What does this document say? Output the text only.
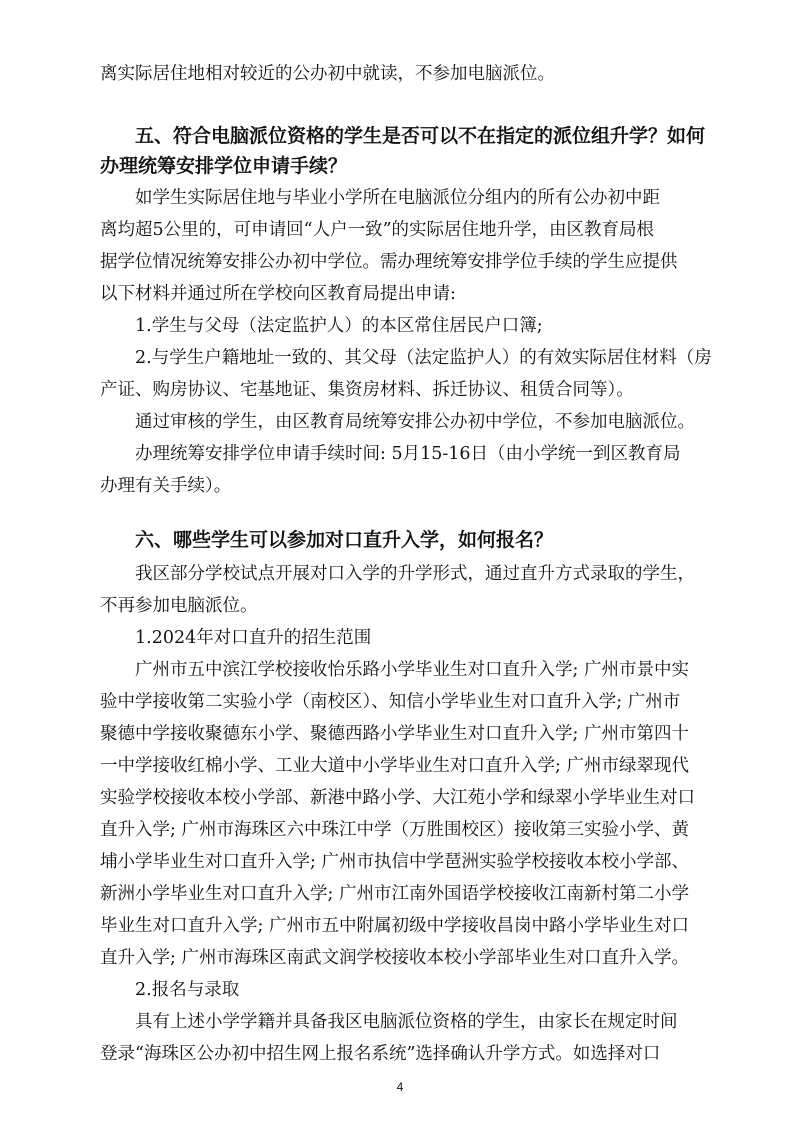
离实际居住地相对较近的公办初中就读，不参加电脑派位。
五、符合电脑派位资格的学生是否可以不在指定的派位组升学？如何
办理统筹安排学位申请手续？
如学生实际居住地与毕业小学所在电脑派位分组内的所有公办初中距
离均超5公里的，可申请回“人户一致”的实际居住地升学，由区教育局根
据学位情况统筹安排公办初中学位。需办理统筹安排学位手续的学生应提供
以下材料并通过所在学校向区教育局提出申请:
1.学生与父母（法定监护人）的本区常住居民户口簿;
2.与学生户籍地址一致的、其父母（法定监护人）的有效实际居住材料（房
产证、购房协议、宅基地证、集资房材料、拆迁协议、租赁合同等）。
通过审核的学生，由区教育局统筹安排公办初中学位，不参加电脑派位。
办理统筹安排学位申请手续时间: 5月15-16日（由小学统一到区教育局
办理有关手续）。
六、哪些学生可以参加对口直升入学，如何报名？
我区部分学校试点开展对口入学的升学形式，通过直升方式录取的学生，
不再参加电脑派位。
1.2024年对口直升的招生范围
广州市五中滨江学校接收怡乐路小学毕业生对口直升入学; 广州市景中实
验中学接收第二实验小学（南校区）、知信小学毕业生对口直升入学; 广州市
聚德中学接收聚德东小学、聚德西路小学毕业生对口直升入学; 广州市第四十
一中学接收红棉小学、工业大道中小学毕业生对口直升入学; 广州市绿翠现代
实验学校接收本校小学部、新港中路小学、大江苑小学和绿翠小学毕业生对口
直升入学; 广州市海珠区六中珠江中学（万胜围校区）接收第三实验小学、黄
埔小学毕业生对口直升入学; 广州市执信中学琶洲实验学校接收本校小学部、
新洲小学毕业生对口直升入学; 广州市江南外国语学校接收江南新村第二小学
毕业生对口直升入学; 广州市五中附属初级中学接收昌岗中路小学毕业生对口
直升入学; 广州市海珠区南武文润学校接收本校小学部毕业生对口直升入学。
2.报名与录取
具有上述小学学籍并具备我区电脑派位资格的学生，由家长在规定时间
登录“海珠区公办初中招生网上报名系统”选择确认升学方式。如选择对口
4
